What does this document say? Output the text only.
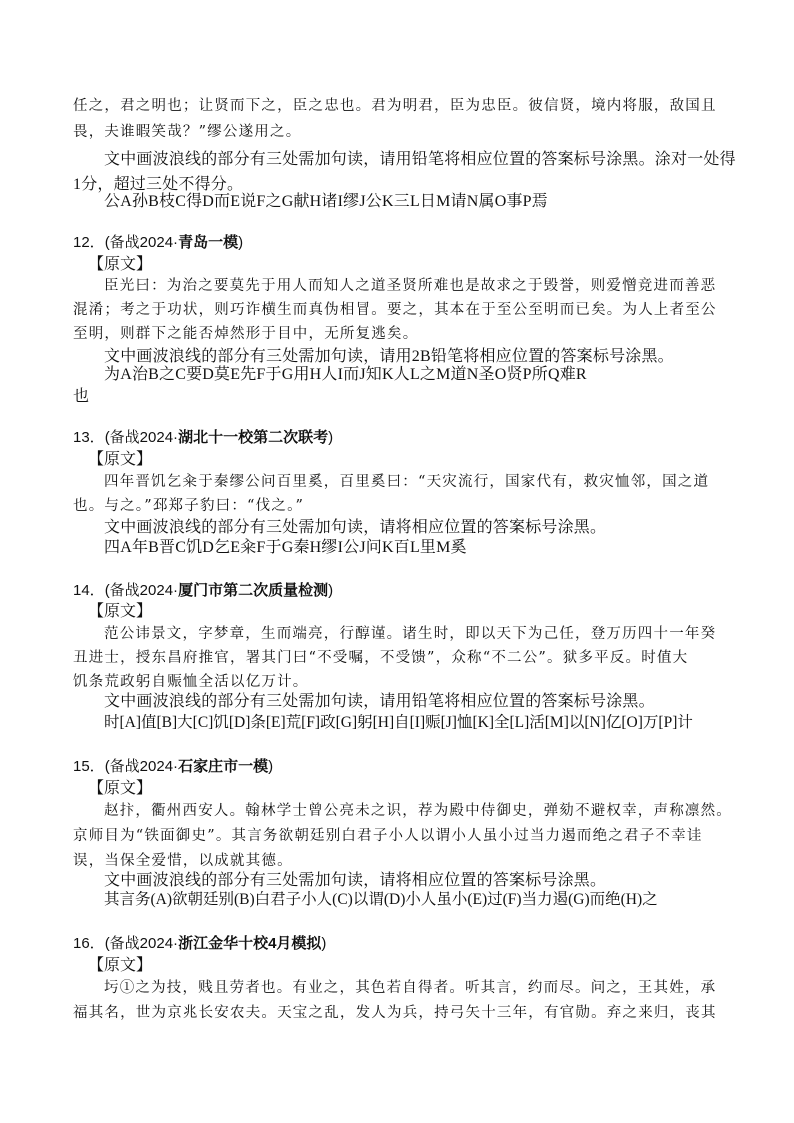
任之，君之明也；让贤而下之，臣之忠也。君为明君，臣为忠臣。彼信贤，境内将服，敌国且
畏，夫谁暇笑哉？”缪公遂用之。
文中画波浪线的部分有三处需加句读，请用铅笔将相应位置的答案标号涂黑。涂对一处得
1分，超过三处不得分。
公A孙B枝C得D而E说F之G献H诸I缪J公K三L日M请N属O事P焉
12．(备战2024·青岛一模)
【原文】
臣光曰：为治之要莫先于用人而知人之道圣贤所难也是故求之于毁誉，则爱憎竞进而善恶
混淆；考之于功状，则巧诈横生而真伪相冒。要之，其本在于至公至明而已矣。为人上者至公
至明，则群下之能否焯然形于目中，无所复逃矣。
文中画波浪线的部分有三处需加句读，请用2B铅笔将相应位置的答案标号涂黑。
为A治B之C要D莫E先F于G用H人I而J知K人L之M道N圣O贤P所Q难R
也
13．(备战2024·湖北十一校第二次联考)
【原文】
四年晋饥乞籴于秦缪公问百里奚，百里奚曰：“天灾流行，国家代有，救灾恤邻，国之道
也。与之。”邳郑子豹曰：“伐之。”
文中画波浪线的部分有三处需加句读，请将相应位置的答案标号涂黑。
四A年B晋C饥D乞E籴F于G秦H缪I公J问K百L里M奚
14．(备战2024·厦门市第二次质量检测)
【原文】
范公讳景文，字梦章，生而端亮，行醇谨。诸生时，即以天下为己任，登万历四十一年癸
丑进士，授东昌府推官，署其门曰“不受嘱，不受馈”，众称“不二公”。狱多平反。时值大
饥条荒政躬自赈恤全活以亿万计。
文中画波浪线的部分有三处需加句读，请用铅笔将相应位置的答案标号涂黑。
时[A]值[B]大[C]饥[D]条[E]荒[F]政[G]躬[H]自[I]赈[J]恤[K]全[L]活[M]以[N]亿[O]万[P]计
15．(备战2024·石家庄市一模)
【原文】
赵抃，衢州西安人。翰林学士曾公亮未之识，荐为殿中侍御史，弹劾不避权幸，声称凛然。
京师目为“铁面御史”。其言务欲朝廷别白君子小人以谓小人虽小过当力遏而绝之君子不幸诖
误，当保全爱惜，以成就其德。
文中画波浪线的部分有三处需加句读，请将相应位置的答案标号涂黑。
其言务(A)欲朝廷别(B)白君子小人(C)以谓(D)小人虽小(E)过(F)当力遏(G)而绝(H)之
16．(备战2024·浙江金华十校4月模拟)
【原文】
圬①之为技，贱且劳者也。有业之，其色若自得者。听其言，约而尽。问之，王其姓，承
福其名，世为京兆长安农夫。天宝之乱，发人为兵，持弓矢十三年，有官勋。弃之来归，丧其
